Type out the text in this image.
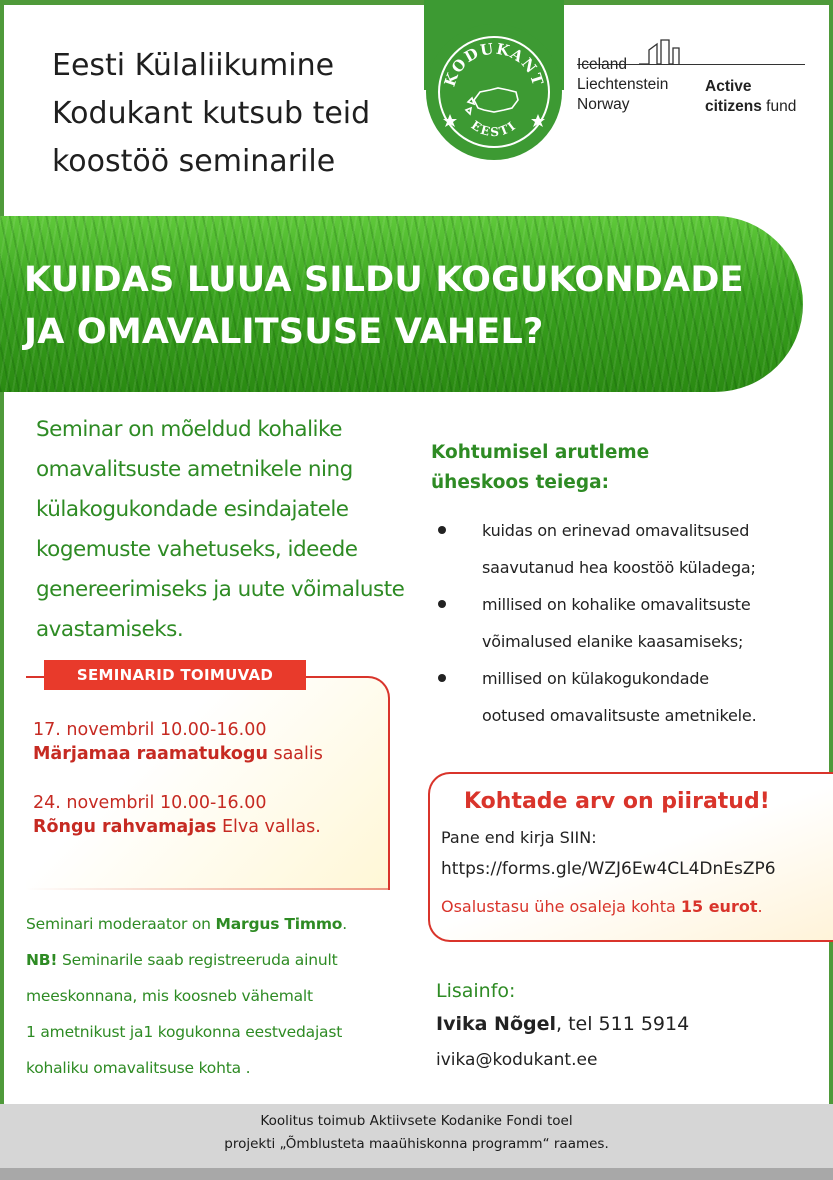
Eesti Külaliikumine
Kodukant kutsub teid
koostöö seminarile
KODUKANT
EESTI
Iceland
Liechtenstein
Norway
Active
citizens fund
KUIDAS LUUA SILDU KOGUKONDADE
JA OMAVALITSUSE VAHEL?
Seminar on mõeldud kohalike
omavalitsuste ametnikele ning
külakogukondade esindajatele
kogemuste vahetuseks, ideede
genereerimiseks ja uute võimaluste
avastamiseks.
SEMINARID TOIMUVAD
17. novembril 10.00-16.00
Märjamaa raamatukogu saalis
24. novembril 10.00-16.00
Rõngu rahvamajas Elva vallas.
Seminari moderaator on Margus Timmo.
NB! Seminarile saab registreeruda ainult
meeskonnana, mis koosneb vähemalt
1 ametnikust ja1 kogukonna eestvedajast
kohaliku omavalitsuse kohta .
Kohtumisel arutleme
üheskoos teiega:
kuidas on erinevad omavalitsused
saavutanud hea koostöö küladega;
millised on kohalike omavalitsuste
võimalused elanike kaasamiseks;
millised on külakogukondade
ootused omavalitsuste ametnikele.
Kohtade arv on piiratud!
Pane end kirja SIIN:
https://forms.gle/WZJ6Ew4CL4DnEsZP6
Osalustasu ühe osaleja kohta 15 eurot.
Lisainfo:
Ivika Nõgel, tel 511 5914
ivika@kodukant.ee
Koolitus toimub Aktiivsete Kodanike Fondi toel
projekti „Õmblusteta maaühiskonna programm“ raames.
